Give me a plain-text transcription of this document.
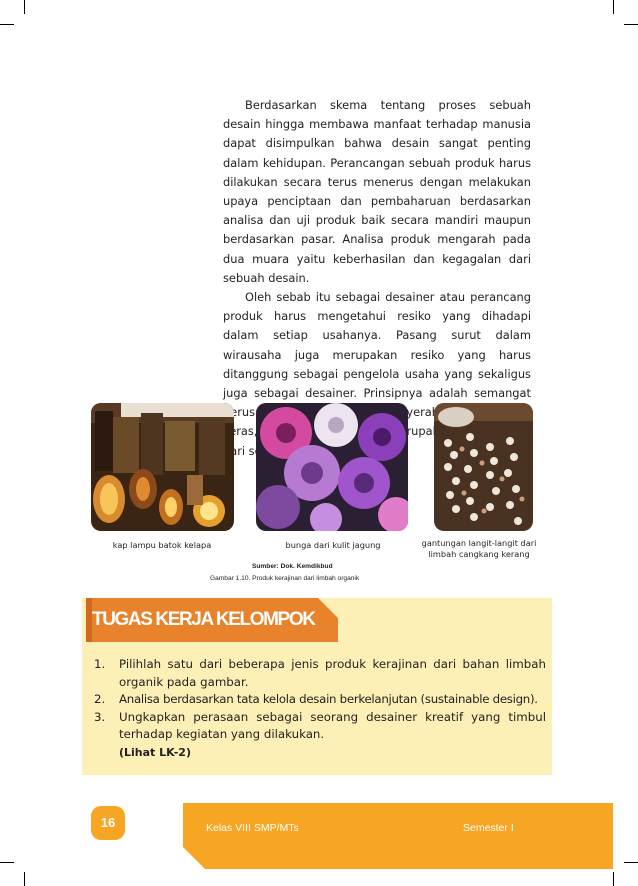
Berdasarkan skema tentang proses sebuah desain hingga membawa manfaat terhadap manusia dapat disimpulkan bahwa desain sangat penting dalam kehidupan. Perancangan sebuah produk harus dilakukan secara terus menerus dengan melakukan upaya penciptaan dan pembaharuan berdasarkan analisa dan uji produk baik secara mandiri maupun berdasarkan pasar. Analisa produk mengarah pada dua muara yaitu keberhasilan dan kegagalan dari sebuah desain.

Oleh sebab itu sebagai desainer atau perancang produk harus mengetahui resiko yang dihadapi dalam setiap usahanya. Pasang surut dalam wirausaha juga merupakan resiko yang harus ditanggung sebagai pengelola usaha yang sekaligus juga sebagai desainer. Prinsipnya adalah semangat berusaha, menyerah, keras, merupakan dari

kap lampu batok kelapa	bunga dari kulit jagung	gantungan langit-langit dari limbah cangkang kerang
Sumber: Dok. Kemdikbud
Gambar 1.10. Produk kerajinan dari limbah organik
TUGAS KERJA KELOMPOK
1.	Pilihlah satu dari beberapa jenis produk kerajinan dari bahan limbah organik pada gambar.
2.	Analisa berdasarkan tata kelola desain berkelanjutan (sustainable design).
3.	Ungkapkan perasaan sebagai seorang desainer kreatif yang timbul terhadap kegiatan yang dilakukan.
(Lihat LK-2)
Kelas VIII SMP/MTs	Semester I
16
